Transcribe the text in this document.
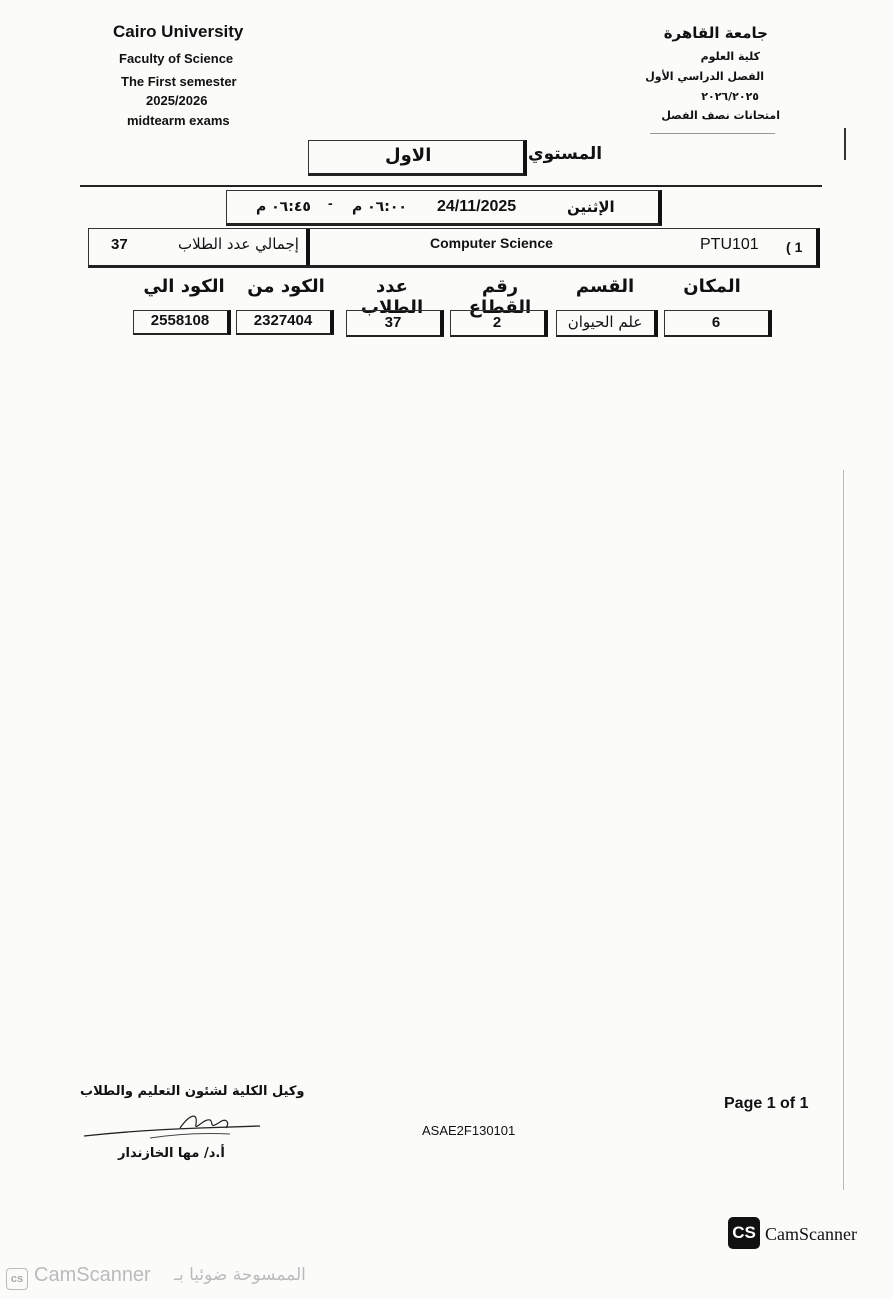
Cairo University
Faculty of Science
The First semester
2025/2026
midtearm exams
جامعة القاهرة
كلية العلوم
الفصل الدراسي الأول
٢٠٢٦/٢٠٢٥
امتحانات نصف الفصل
الاول	المستوي
الإثنين
24/11/2025
٠٦:٠٠ م
-
٠٦:٤٥ م
1 )
PTU101
Computer Science
إجمالي عدد الطلاب
37
المكان
القسم
رقم القطاع
عدد الطلاب
الكود من
الكود الي
6
علم الحيوان
2
37
2327404
2558108
وكيل الكلية لشئون التعليم والطلاب
أ.د/ مها الخازندار
ASAE2F130101
Page 1 of 1
CS CamScanner
cs CamScanner الممسوحة ضوئيا بـ
